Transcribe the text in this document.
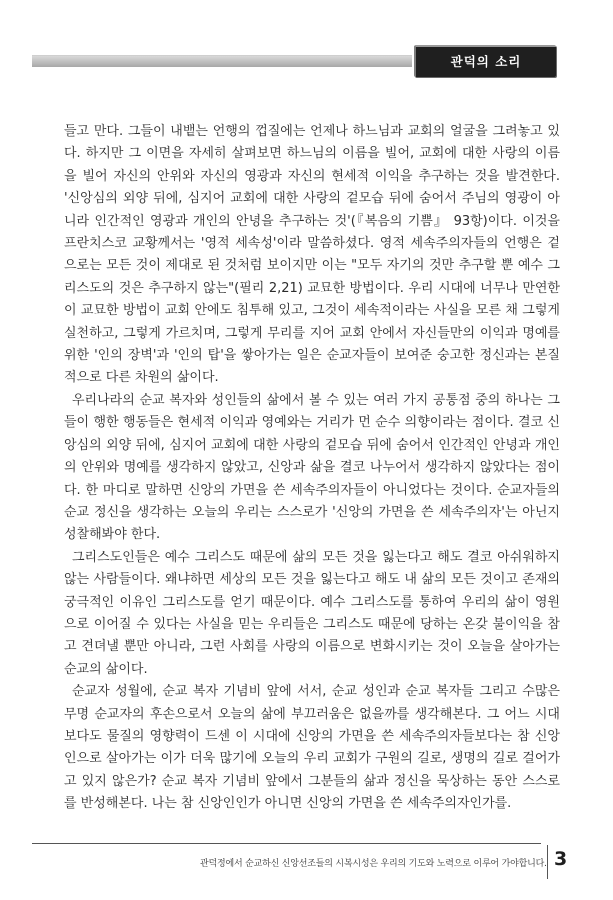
관덕의 소리

들고 만다. 그들이 내뱉는 언행의 껍질에는 언제나 하느님과 교회의 얼굴을 그려놓고 있다. 하지만 그 이면을 자세히 살펴보면 하느님의 이름을 빌어, 교회에 대한 사랑의 이름을 빌어 자신의 안위와 자신의 영광과 자신의 현세적 이익을 추구하는 것을 발견한다. '신앙심의 외양 뒤에, 심지어 교회에 대한 사랑의 겉모습 뒤에 숨어서 주님의 영광이 아니라 인간적인 영광과 개인의 안녕을 추구하는 것'(『복음의 기쁨』 93항)이다. 이것을 프란치스코 교황께서는 '영적 세속성'이라 말씀하셨다. 영적 세속주의자들의 언행은 겉으로는 모든 것이 제대로 된 것처럼 보이지만 이는 "모두 자기의 것만 추구할 뿐 예수 그리스도의 것은 추구하지 않는"(필리 2,21) 교묘한 방법이다. 우리 시대에 너무나 만연한 이 교묘한 방법이 교회 안에도 침투해 있고, 그것이 세속적이라는 사실을 모른 채 그렇게 실천하고, 그렇게 가르치며, 그렇게 무리를 지어 교회 안에서 자신들만의 이익과 명예를 위한 '인의 장벽'과 '인의 탑'을 쌓아가는 일은 순교자들이 보여준 숭고한 정신과는 본질적으로 다른 차원의 삶이다.

우리나라의 순교 복자와 성인들의 삶에서 볼 수 있는 여러 가지 공통점 중의 하나는 그들이 행한 행동들은 현세적 이익과 영예와는 거리가 먼 순수 의향이라는 점이다. 결코 신앙심의 외양 뒤에, 심지어 교회에 대한 사랑의 겉모습 뒤에 숨어서 인간적인 안녕과 개인의 안위와 명예를 생각하지 않았고, 신앙과 삶을 결코 나누어서 생각하지 않았다는 점이다. 한 마디로 말하면 신앙의 가면을 쓴 세속주의자들이 아니었다는 것이다. 순교자들의 순교 정신을 생각하는 오늘의 우리는 스스로가 '신앙의 가면을 쓴 세속주의자'는 아닌지 성찰해봐야 한다.

그리스도인들은 예수 그리스도 때문에 삶의 모든 것을 잃는다고 해도 결코 아쉬워하지 않는 사람들이다. 왜냐하면 세상의 모든 것을 잃는다고 해도 내 삶의 모든 것이고 존재의 궁극적인 이유인 그리스도를 얻기 때문이다. 예수 그리스도를 통하여 우리의 삶이 영원으로 이어질 수 있다는 사실을 믿는 우리들은 그리스도 때문에 당하는 온갖 불이익을 참고 견뎌낼 뿐만 아니라, 그런 사회를 사랑의 이름으로 변화시키는 것이 오늘을 살아가는 순교의 삶이다.

순교자 성월에, 순교 복자 기념비 앞에 서서, 순교 성인과 순교 복자들 그리고 수많은 무명 순교자의 후손으로서 오늘의 삶에 부끄러움은 없을까를 생각해본다. 그 어느 시대보다도 물질의 영향력이 드센 이 시대에 신앙의 가면을 쓴 세속주의자들보다는 참 신앙인으로 살아가는 이가 더욱 많기에 오늘의 우리 교회가 구원의 길로, 생명의 길로 걸어가고 있지 않은가? 순교 복자 기념비 앞에서 그분들의 삶과 정신을 묵상하는 동안 스스로를 반성해본다. 나는 참 신앙인인가 아니면 신앙의 가면을 쓴 세속주의자인가를.

관덕정에서 순교하신 신앙선조들의 시복시성은 우리의 기도와 노력으로 이루어 가야합니다. 3
